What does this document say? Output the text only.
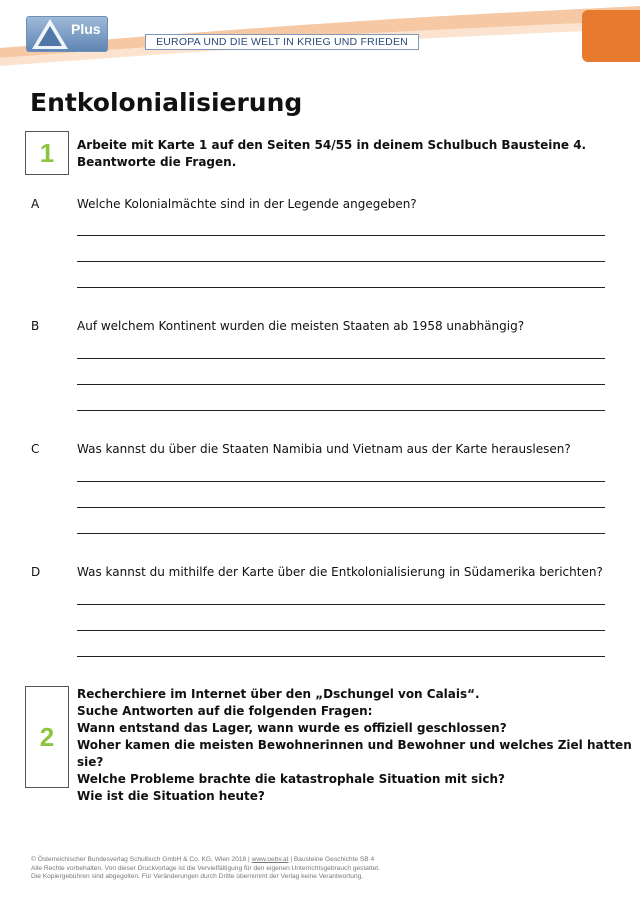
Plus
EUROPA UND DIE WELT IN KRIEG UND FRIEDEN
Entkolonialisierung
1	Arbeite mit Karte 1 auf den Seiten 54/55 in deinem Schulbuch Bausteine 4.
Beantworte die Fragen.
A	Welche Kolonialmächte sind in der Legende angegeben?
B	Auf welchem Kontinent wurden die meisten Staaten ab 1958 unabhängig?
C	Was kannst du über die Staaten Namibia und Vietnam aus der Karte herauslesen?
D	Was kannst du mithilfe der Karte über die Entkolonialisierung in Südamerika berichten?
2
Recherchiere im Internet über den „Dschungel von Calais“.
Suche Antworten auf die folgenden Fragen:
Wann entstand das Lager, wann wurde es offiziell geschlossen?
Woher kamen die meisten Bewohnerinnen und Bewohner und welches Ziel hatten sie?
Welche Probleme brachte die katastrophale Situation mit sich?
Wie ist die Situation heute?
© Österreichischer Bundesverlag Schulbuch GmbH & Co. KG, Wien 2018 | www.oebv.at | Bausteine Geschichte SB 4
Alle Rechte vorbehalten. Von dieser Druckvorlage ist die Vervielfältigung für den eigenen Unterrichtsgebrauch gestattet.
Die Kopiergebühren sind abgegolten. Für Veränderungen durch Dritte übernimmt der Verlag keine Verantwortung.
